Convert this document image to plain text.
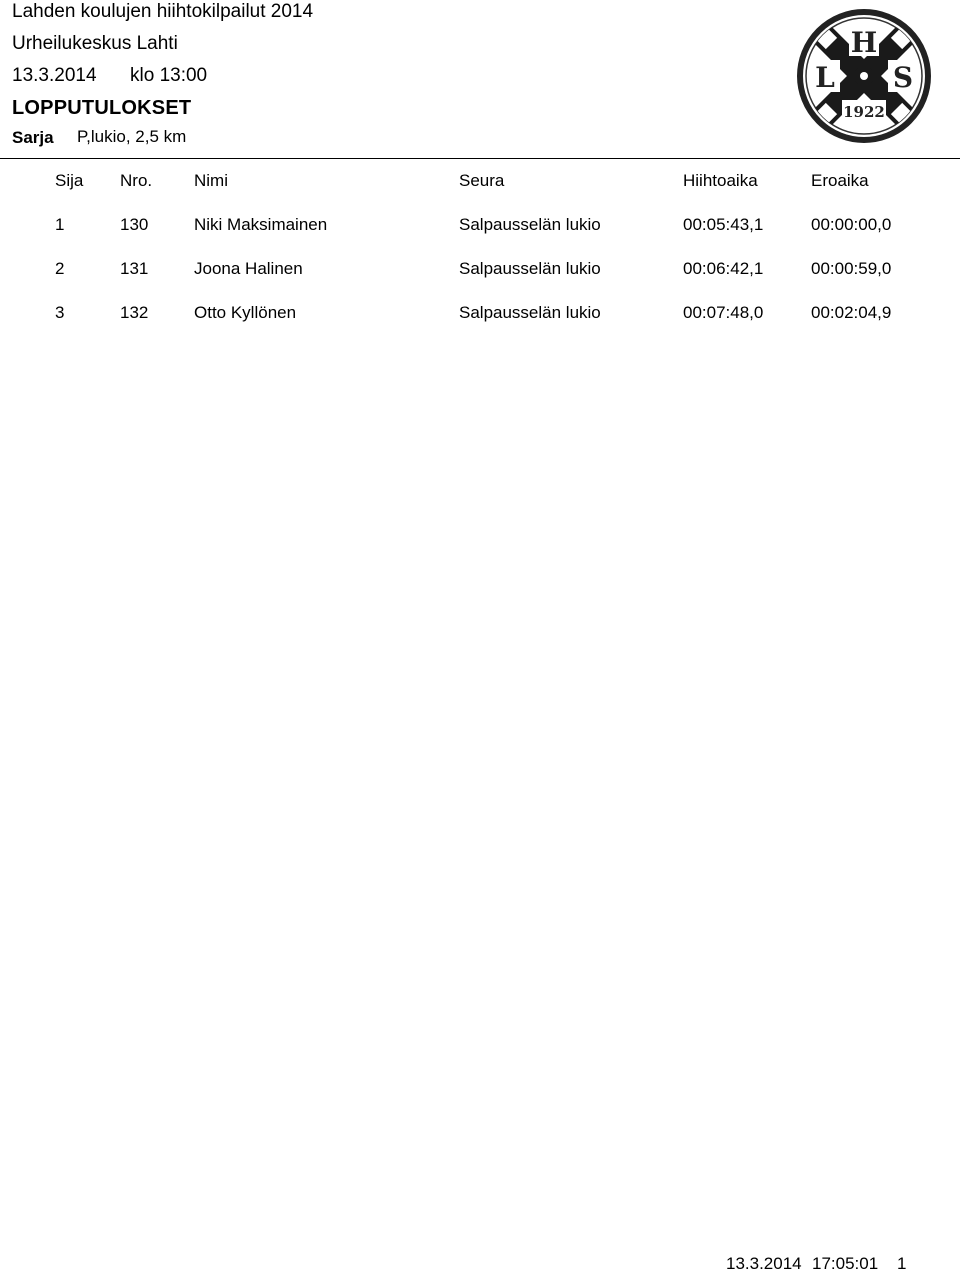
Lahden koulujen hiihtokilpailut 2014
Urheilukeskus Lahti
13.3.2014 klo 13:00
LOPPUTULOKSET
Sarja P,lukio, 2,5 km
H
L S
1922
Sija Nro. Nimi	Seura	Hiihtoaika	Eroaika
1	130	Niki Maksimainen	Salpausselän lukio	00:05:43,1	00:00:00,0
2	131	Joona Halinen	Salpausselän lukio	00:06:42,1	00:00:59,0
3	132	Otto Kyllönen	Salpausselän lukio	00:07:48,0	00:02:04,9
13.3.2014 17:05:01 1
